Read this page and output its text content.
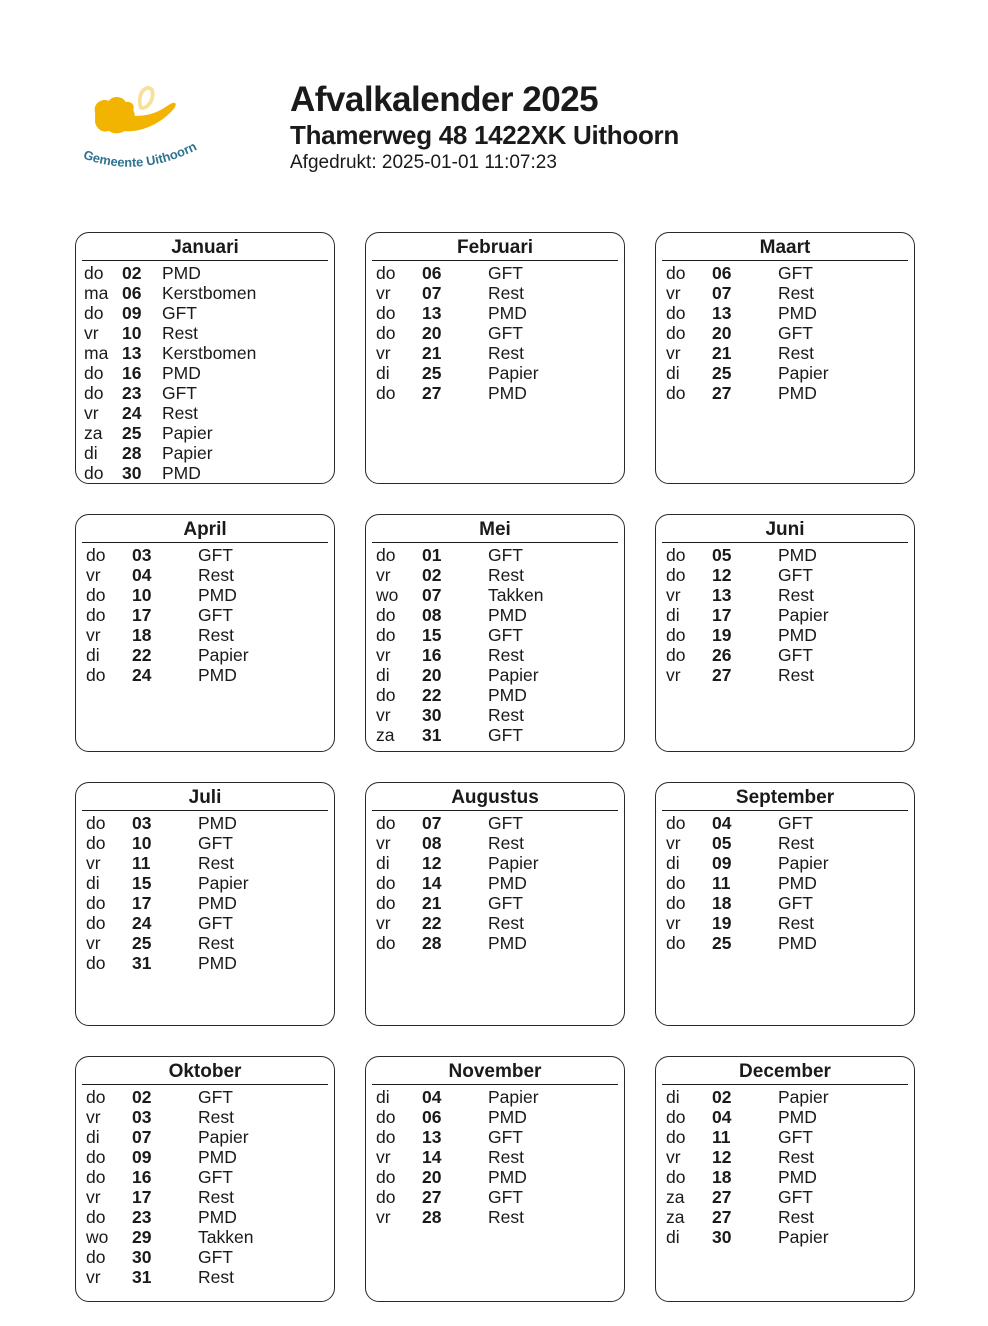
Gemeente Uithoorn
Afvalkalender 2025
Thamerweg 48 1422XK Uithoorn
Afgedrukt: 2025-01-01 11:07:23
Januari
do	02	PMD
ma 06	Kerstbomen
do	09	GFT
vr	10	Rest
ma 13	Kerstbomen
do	16	PMD
do	23	GFT
vr	24	Rest
za	25	Papier
di	28	Papier
do	30	PMD
Februari
do	06	GFT
vr	07	Rest
do	13	PMD
do	20	GFT
vr	21	Rest
di	25	Papier
do	27	PMD
Maart
do	06	GFT
vr	07	Rest
do	13	PMD
do	20	GFT
vr	21	Rest
di	25	Papier
do	27	PMD
April
do	03	GFT
vr	04	Rest
do	10	PMD
do	17	GFT
vr	18	Rest
di	22	Papier
do	24	PMD
Mei
do	01	GFT
vr	02	Rest
wo	07	Takken
do	08	PMD
do	15	GFT
vr	16	Rest
di	20	Papier
do	22	PMD
vr	30	Rest
za	31	GFT
Juni
do	05	PMD
do	12	GFT
vr	13	Rest
di	17	Papier
do	19	PMD
do	26	GFT
vr	27	Rest
Juli
do	03	PMD
do	10	GFT
vr	11	Rest
di	15	Papier
do	17	PMD
do	24	GFT
vr	25	Rest
do	31	PMD
Augustus
do	07	GFT
vr	08	Rest
di	12	Papier
do	14	PMD
do	21	GFT
vr	22	Rest
do	28	PMD
September
do	04	GFT
vr	05	Rest
di	09	Papier
do	11	PMD
do	18	GFT
vr	19	Rest
do	25	PMD
Oktober
do	02	GFT
vr	03	Rest
di	07	Papier
do	09	PMD
do	16	GFT
vr	17	Rest
do	23	PMD
wo	29	Takken
do	30	GFT
vr	31	Rest
November
di	04	Papier
do	06	PMD
do	13	GFT
vr	14	Rest
do	20	PMD
do	27	GFT
vr	28	Rest
December
di	02	Papier
do	04	PMD
do	11	GFT
vr	12	Rest
do	18	PMD
za	27	GFT
za	27	Rest
di	30	Papier
